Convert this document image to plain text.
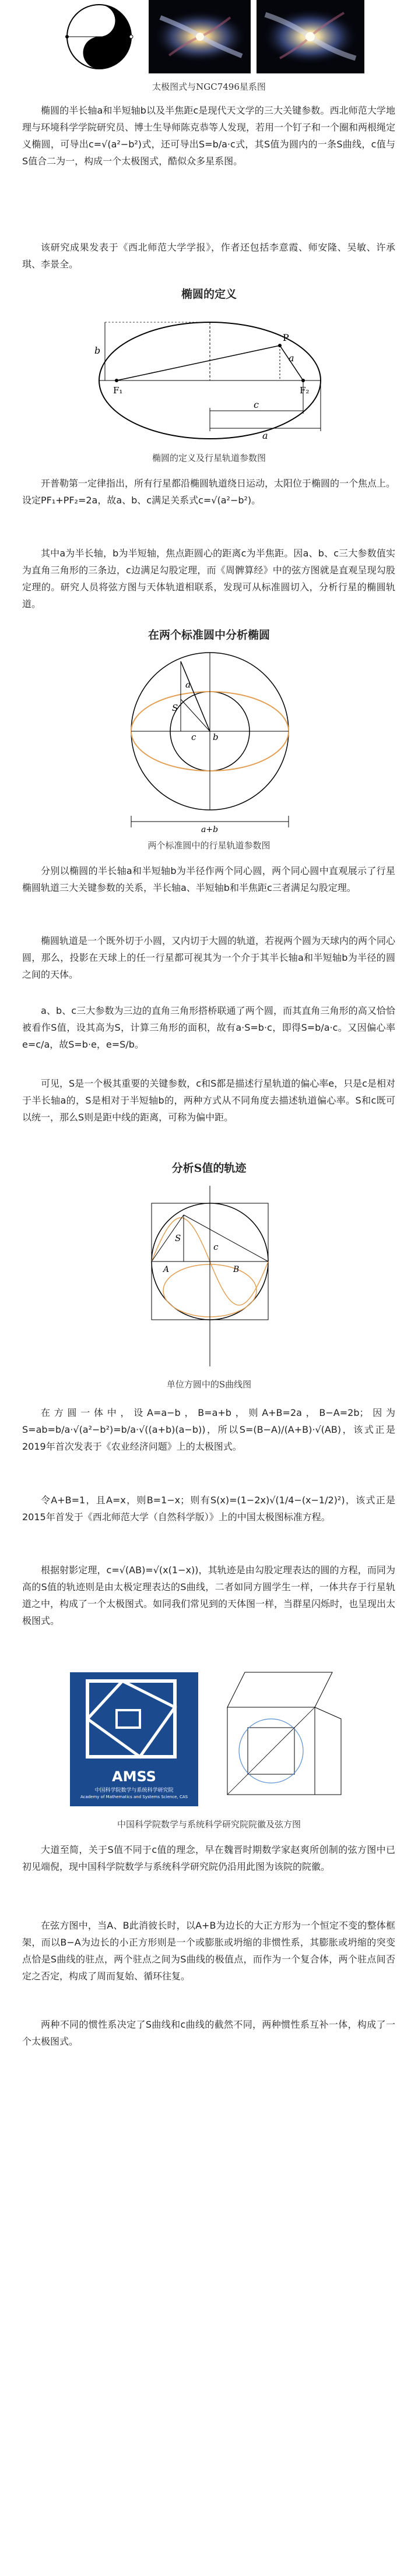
太极图式与NGC7496星系图
椭圆的半长轴a和半短轴b以及半焦距c是现代天文学的三大关键参数。西北师范大学地理与环境科学学院研究员、博士生导师陈克恭等人发现，若用一个钉子和一个圈和两根绳定义椭圆，可导出c=√(a²−b²)式，还可导出S=b/a·c式，其S值为圆内的一条S曲线，c值与S值合二为一，构成一个太极图式，酷似众多星系图。
该研究成果发表于《西北师范大学学报》，作者还包括李意霞、师安隆、吴敏、许承琪、李景全。
椭圆的定义
b
P
F₁	F₂
a
c
a
椭圆的定义及行星轨道参数图
开普勒第一定律指出，所有行星都沿椭圆轨道绕日运动，太阳位于椭圆的一个焦点上。设定PF₁+PF₂=2a，故a、b、c满足关系式c=√(a²−b²)。
其中a为半长轴，b为半短轴，焦点距圆心的距离c为半焦距。因a、b、c三大参数值实为直角三角形的三条边，c边满足勾股定理，而《周髀算经》中的弦方图就是直观呈现勾股定理的。研究人员将弦方图与天体轨道相联系，发现可从标准圆切入，分析行星的椭圆轨道。
在两个标准圆中分析椭圆
a
b
S
c
a+b
两个标准圆中的行星轨道参数图
分别以椭圆的半长轴a和半短轴b为半径作两个同心圆，两个同心圆中直观展示了行星椭圆轨道三大关键参数的关系，半长轴a、半短轴b和半焦距c三者满足勾股定理。
椭圆轨道是一个既外切于小圆，又内切于大圆的轨道，若视两个圆为天球内的两个同心圆，那么，投影在天球上的任一行星都可视其为一个介于其半长轴a和半短轴b为半径的圆之间的天体。
a、b、c三大参数为三边的直角三角形搭桥联通了两个圆，而其直角三角形的高又恰恰被看作S值，设其高为S，计算三角形的面积，故有a·S=b·c，即得S=b/a·c。又因偏心率e=c/a，故S=b·e，e=S/b。
可见，S是一个极其重要的关键参数，c和S都是描述行星轨道的偏心率e，只是c是相对于半长轴a的，S是相对于半短轴b的，两种方式从不同角度去描述轨道偏心率。S和c既可以统一，那么S则是距中线的距离，可称为偏中距。
分析S值的轨迹
S
c
A	B
单位方圆中的S曲线图
在方圆一体中，设A=a−b，B=a+b，则A+B=2a，B−A=2b；因为S=ab=b/a·√(a²−b²)=b/a·√((a+b)(a−b))，所以S=(B−A)/(A+B)·√(AB)，该式正是2019年首次发表于《农业经济问题》上的太极图式。
令A+B=1，且A=x，则B=1−x；则有S(x)=(1−2x)√(1/4−(x−1/2)²)，该式正是2015年首发于《西北师范大学（自然科学版）》上的中国太极图标准方程。
根据射影定理，c=√(AB)=√(x(1−x))，其轨迹是由勾股定理表达的圆的方程，而同为高的S值的轨迹则是由太极定理表达的S曲线，二者如同方圆学生一样，一体共存于行星轨道之中，构成了一个太极图式。如同我们常见到的天体图一样，当群星闪烁时，也呈现出太极图式。
AMSS
中国科学院数学与系统科学研究院
Academy of Mathematics and Systems Science, CAS
中国科学院数学与系统科学研究院院徽及弦方图
大道至简，关于S值不同于c值的理念，早在魏晋时期数学家赵爽所创制的弦方图中已初见端倪，现中国科学院数学与系统科学研究院仍沿用此图为该院的院徽。
在弦方图中，当A、B此消彼长时，以A+B为边长的大正方形为一个恒定不变的整体框架，而以B−A为边长的小正方形则是一个或膨胀或坍缩的非惯性系，其膨胀或坍缩的突变点恰是S曲线的驻点，两个驻点之间为S曲线的极值点，而作为一个复合体，两个驻点间否定之否定，构成了周而复始、循环往复。
两种不同的惯性系决定了S曲线和c曲线的截然不同，两种惯性系互补一体，构成了一个太极图式。
